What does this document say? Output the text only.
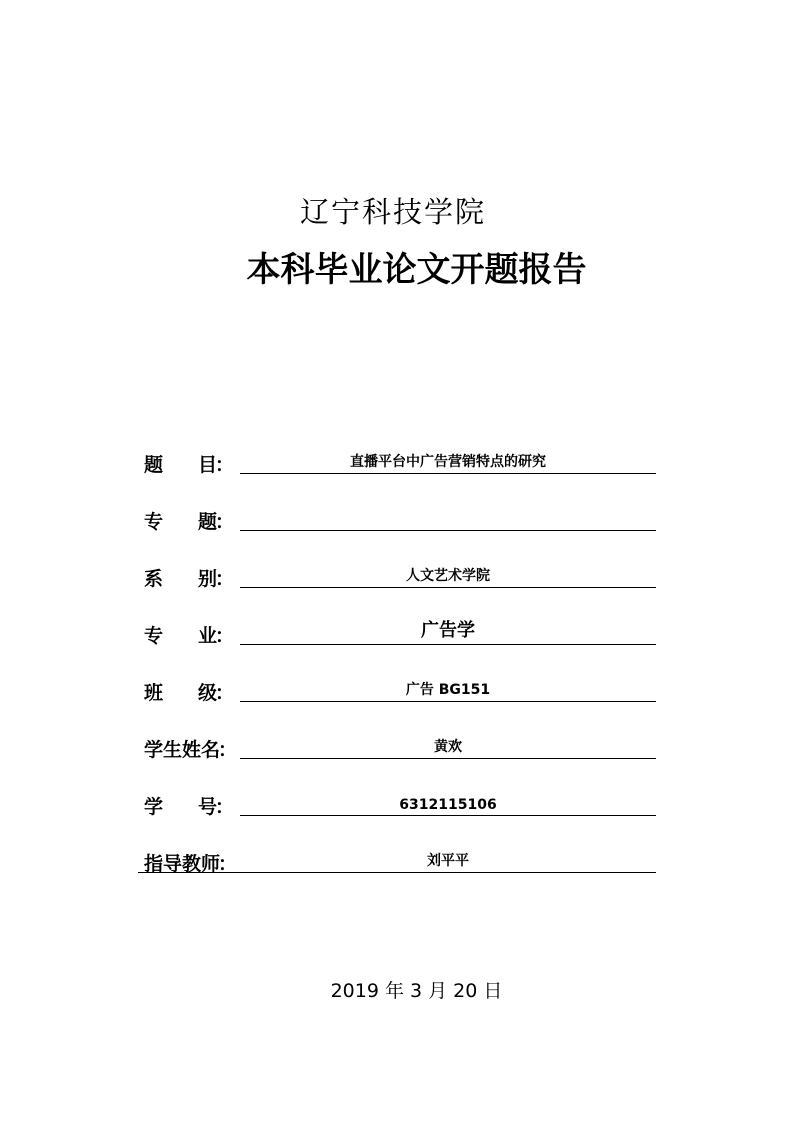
辽宁科技学院
本科毕业论文开题报告
题 目：	直播平台中广告营销特点的研究
专 题：
系 别：	人文艺术学院
专 业：	广告学
班 级：	广告 BG151
学生姓名：	黄欢
学 号：	6312115106
指导教师：	刘平平
2019 年 3 月 20 日
